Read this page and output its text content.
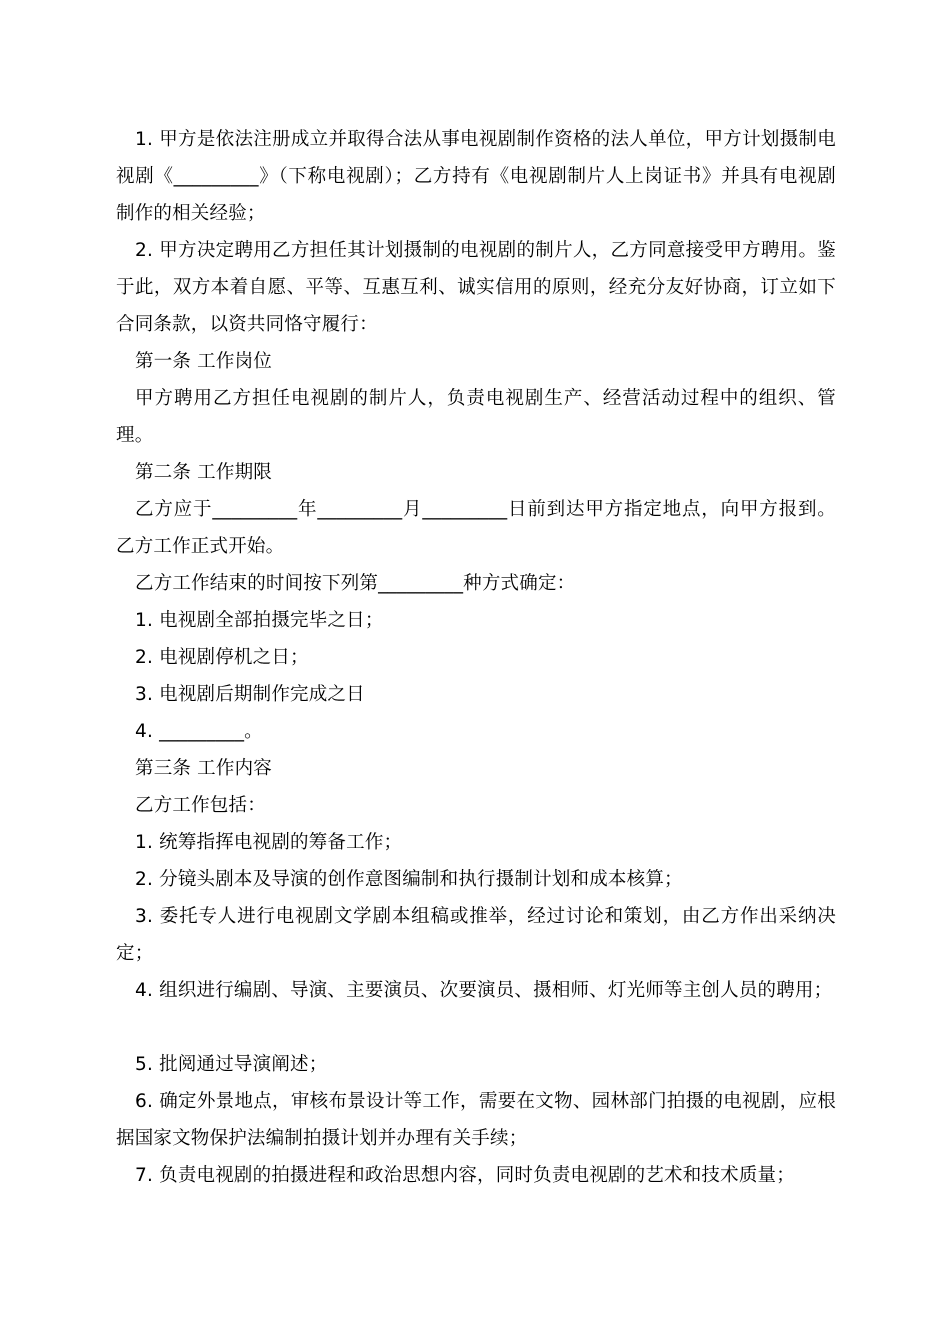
1. 甲方是依法注册成立并取得合法从事电视剧制作资格的法人单位，甲方计划摄制电视剧《_________》（下称电视剧）；乙方持有《电视剧制片人上岗证书》并具有电视剧制作的相关经验；

2. 甲方决定聘用乙方担任其计划摄制的电视剧的制片人，乙方同意接受甲方聘用。鉴于此，双方本着自愿、平等、互惠互利、诚实信用的原则，经充分友好协商，订立如下合同条款，以资共同恪守履行：

第一条 工作岗位

甲方聘用乙方担任电视剧的制片人，负责电视剧生产、经营活动过程中的组织、管理。

第二条 工作期限

乙方应于_________年_________月_________日前到达甲方指定地点，向甲方报到。乙方工作正式开始。

乙方工作结束的时间按下列第_________种方式确定：

1. 电视剧全部拍摄完毕之日；

2. 电视剧停机之日；

3. 电视剧后期制作完成之日

4. _________。

第三条 工作内容

乙方工作包括：

1. 统筹指挥电视剧的筹备工作；

2. 分镜头剧本及导演的创作意图编制和执行摄制计划和成本核算；

3. 委托专人进行电视剧文学剧本组稿或推举，经过讨论和策划，由乙方作出采纳决定；

4. 组织进行编剧、导演、主要演员、次要演员、摄相师、灯光师等主创人员的聘用；

5. 批阅通过导演阐述；

6. 确定外景地点，审核布景设计等工作，需要在文物、园林部门拍摄的电视剧，应根据国家文物保护法编制拍摄计划并办理有关手续；

7. 负责电视剧的拍摄进程和政治思想内容，同时负责电视剧的艺术和技术质量；
